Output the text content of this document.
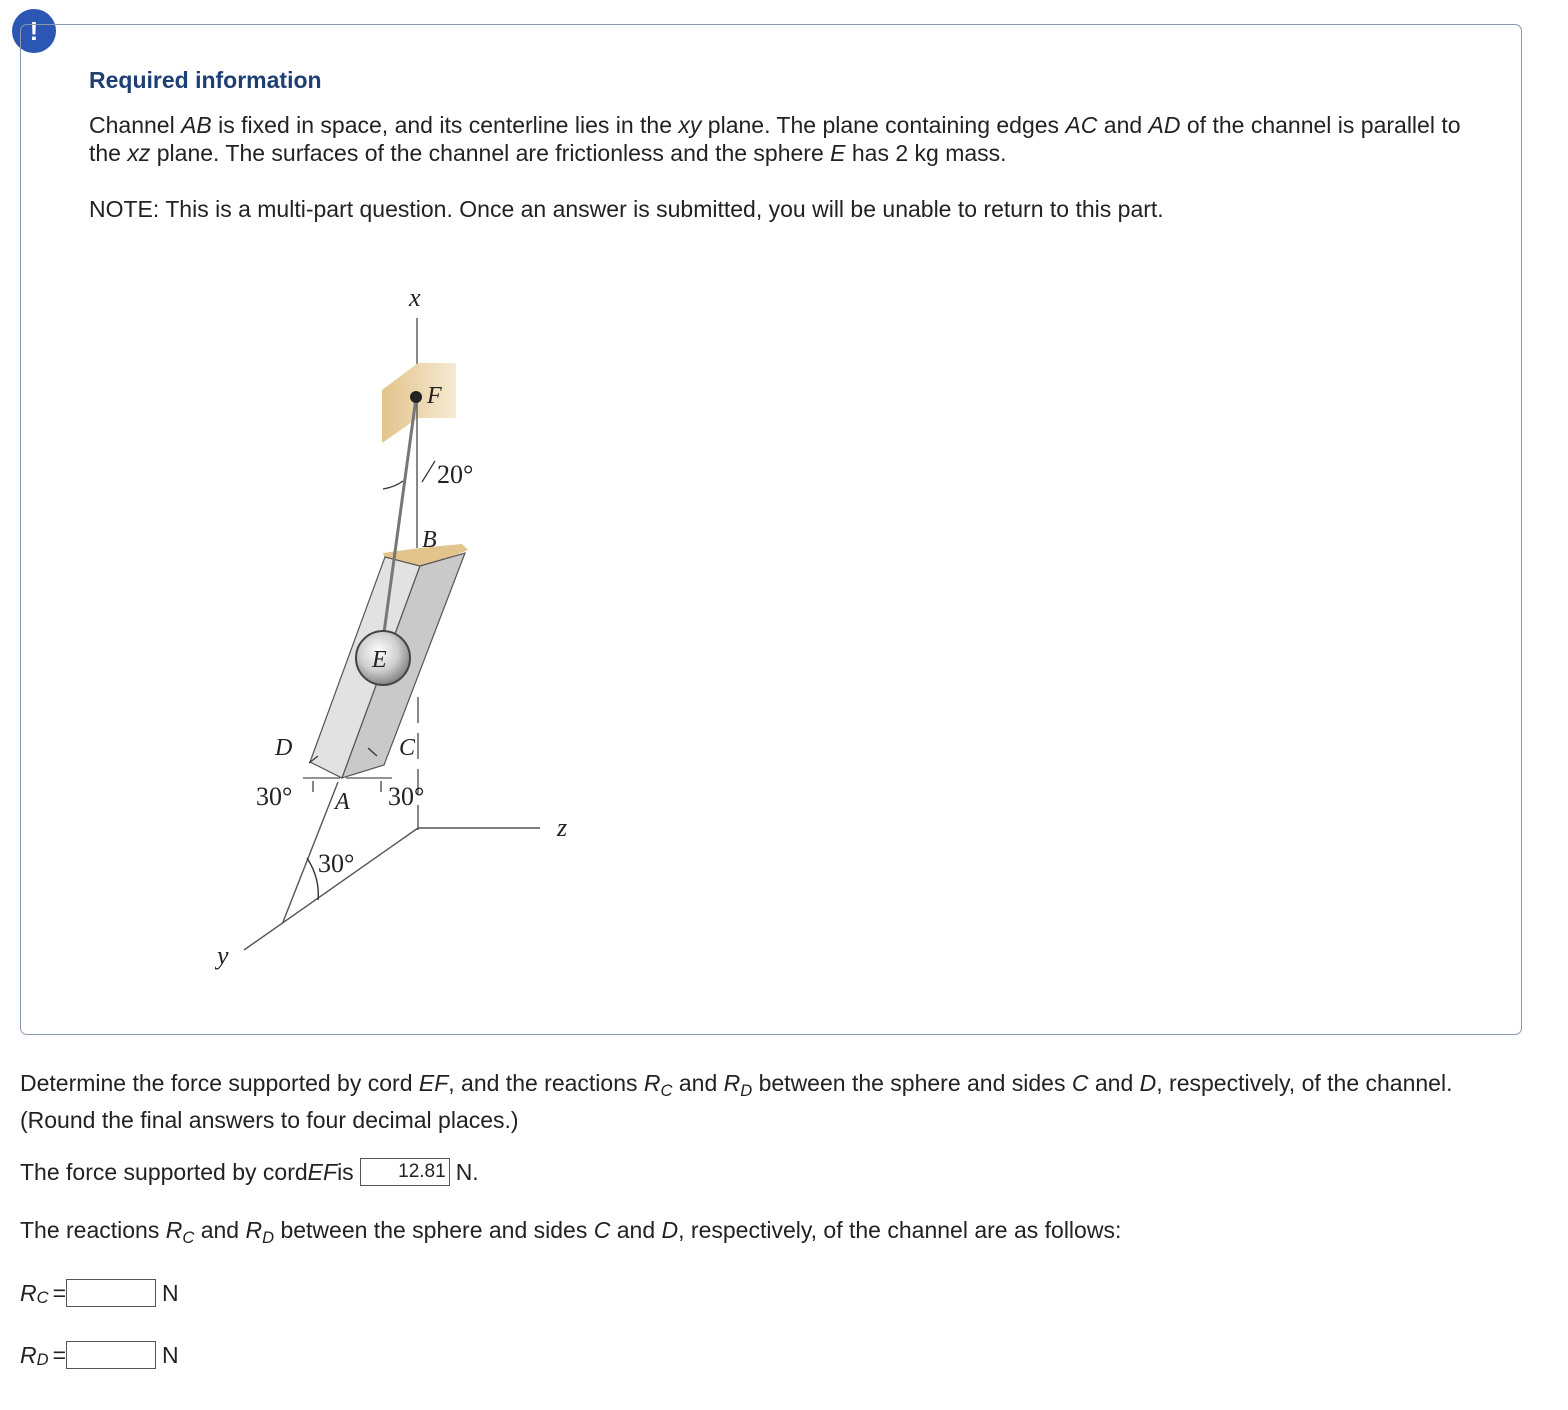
!
Required information

Channel AB is fixed in space, and its centerline lies in the xy plane. The plane containing edges AC and AD of the channel is parallel to the xz plane. The surfaces of the channel are frictionless and the sphere E has 2 kg mass.

NOTE: This is a multi-part question. Once an answer is submitted, you will be unable to return to this part.

x
F
20°
B
E
D	C
30° A 30°
z
30°
y

Determine the force supported by cord EF, and the reactions $R_C$ and $R_D$ between the sphere and sides C and D, respectively, of the channel. (Round the final answers to four decimal places.)

The force supported by cord EF is
12.81	N.

The reactions $R_C$ and $R_D$ between the sphere and sides C and D, respectively, of the channel are as follows:

R C =	N
R D =	N
